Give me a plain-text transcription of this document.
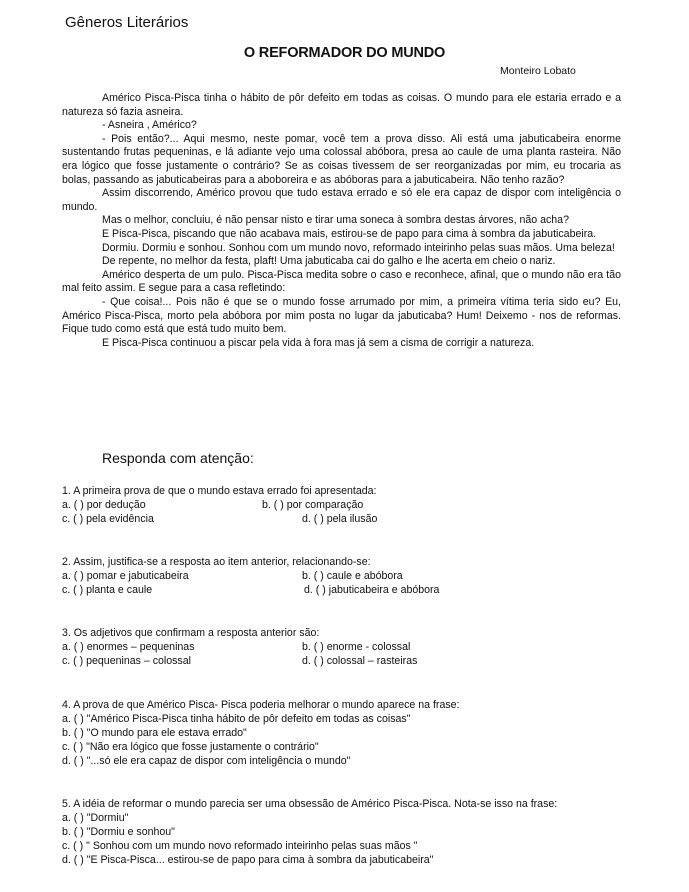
Gêneros Literários
O REFORMADOR DO MUNDO
Monteiro Lobato

Américo Pisca-Pisca tinha o hábito de pôr defeito em todas as coisas. O mundo para ele estaria errado e a natureza só fazia asneira.

- Asneira , Américo?

- Pois então?... Aqui mesmo, neste pomar, você tem a prova disso. Ali está uma jabuticabeira enorme sustentando frutas pequeninas, e lá adiante vejo uma colossal abóbora, presa ao caule de uma planta rasteira. Não era lógico que fosse justamente o contrário? Se as coisas tivessem de ser reorganizadas por mim, eu trocaria as bolas, passando as jabuticabeiras para a aboboreira e as abóboras para a jabuticabeira. Não tenho razão?

Assim discorrendo, Américo provou que tudo estava errado e só ele era capaz de dispor com inteligência o mundo.

Mas o melhor, concluiu, é não pensar nisto e tirar uma soneca à sombra destas árvores, não acha?

E Pisca-Pisca, piscando que não acabava mais, estirou-se de papo para cima à sombra da jabuticabeira.

Dormiu. Dormiu e sonhou. Sonhou com um mundo novo, reformado inteirinho pelas suas mãos. Uma beleza!

De repente, no melhor da festa, plaft! Uma jabuticaba cai do galho e lhe acerta em cheio o nariz.

Américo desperta de um pulo. Pisca-Pisca medita sobre o caso e reconhece, afinal, que o mundo não era tão mal feito assim. E segue para a casa refletindo:

- Que coisa!... Pois não é que se o mundo fosse arrumado por mim, a primeira vítima teria sido eu? Eu, Américo Pisca-Pisca, morto pela abóbora por mim posta no lugar da jabuticaba? Hum! Deixemo - nos de reformas. Fique tudo como está que está tudo muito bem.

E Pisca-Pisca continuou a piscar pela vida à fora mas já sem a cisma de corrigir a natureza.

Responda com atenção:

1. A primeira prova de que o mundo estava errado foi apresentada:

a. ( ) por dedução	b. ( ) por comparação
c. ( ) pela evidência	d. ( ) pela ilusão

2. Assim, justifica-se a resposta ao item anterior, relacionando-se:

a. ( ) pomar e jabuticabeira	b. ( ) caule e abóbora
c. ( ) planta e caule	d. ( ) jabuticabeira e abóbora

3. Os adjetivos que confirmam a resposta anterior são:

a. ( ) enormes – pequeninas	b. ( ) enorme - colossal
c. ( ) pequeninas – colossal	d. ( ) colossal – rasteiras

4. A prova de que Américo Pisca- Pisca poderia melhorar o mundo aparece na frase:

a. ( ) "Américo Pisca-Pisca tinha hábito de pôr defeito em todas as coisas"

b. ( ) "O mundo para ele estava errado"

c. ( ) "Não era lógico que fosse justamente o contrário"

d. ( ) "...só ele era capaz de dispor com inteligência o mundo"

5. A idéia de reformar o mundo parecia ser uma obsessão de Américo Pisca-Pisca. Nota-se isso na frase:

a. ( ) "Dormiu"

b. ( ) "Dormiu e sonhou"

c. ( ) " Sonhou com um mundo novo reformado inteirinho pelas suas mãos "

d. ( ) "E Pisca-Pisca... estirou-se de papo para cima à sombra da jabuticabeira"
